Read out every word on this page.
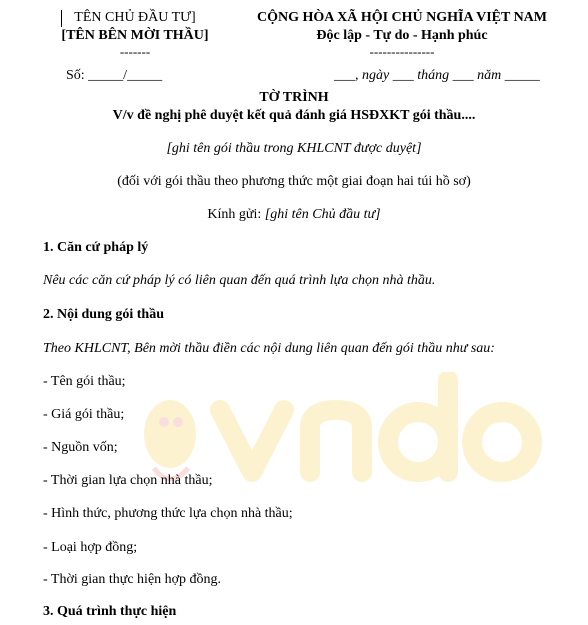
TÊN CHỦ ĐẦU TƯ]
[TÊN BÊN MỜI THẦU]
-------
CỘNG HÒA XÃ HỘI CHỦ NGHĨA VIỆT NAM
Độc lập - Tự do - Hạnh phúc
---------------
Số: _____/_____	___, ngày ___ tháng ___ năm _____
TỜ TRÌNH
V/v đề nghị phê duyệt kết quả đánh giá HSĐXKT gói thầu....
[ghi tên gói thầu trong KHLCNT được duyệt]
(đối với gói thầu theo phương thức một giai đoạn hai túi hồ sơ)
Kính gửi: [ghi tên Chủ đầu tư]
1. Căn cứ pháp lý
Nêu các căn cứ pháp lý có liên quan đến quá trình lựa chọn nhà thầu.
2. Nội dung gói thầu
Theo KHLCNT, Bên mời thầu điền các nội dung liên quan đến gói thầu như sau:
- Tên gói thầu;
- Giá gói thầu;
- Nguồn vốn;
- Thời gian lựa chọn nhà thầu;
- Hình thức, phương thức lựa chọn nhà thầu;
- Loại hợp đồng;
- Thời gian thực hiện hợp đồng.
3. Quá trình thực hiện
